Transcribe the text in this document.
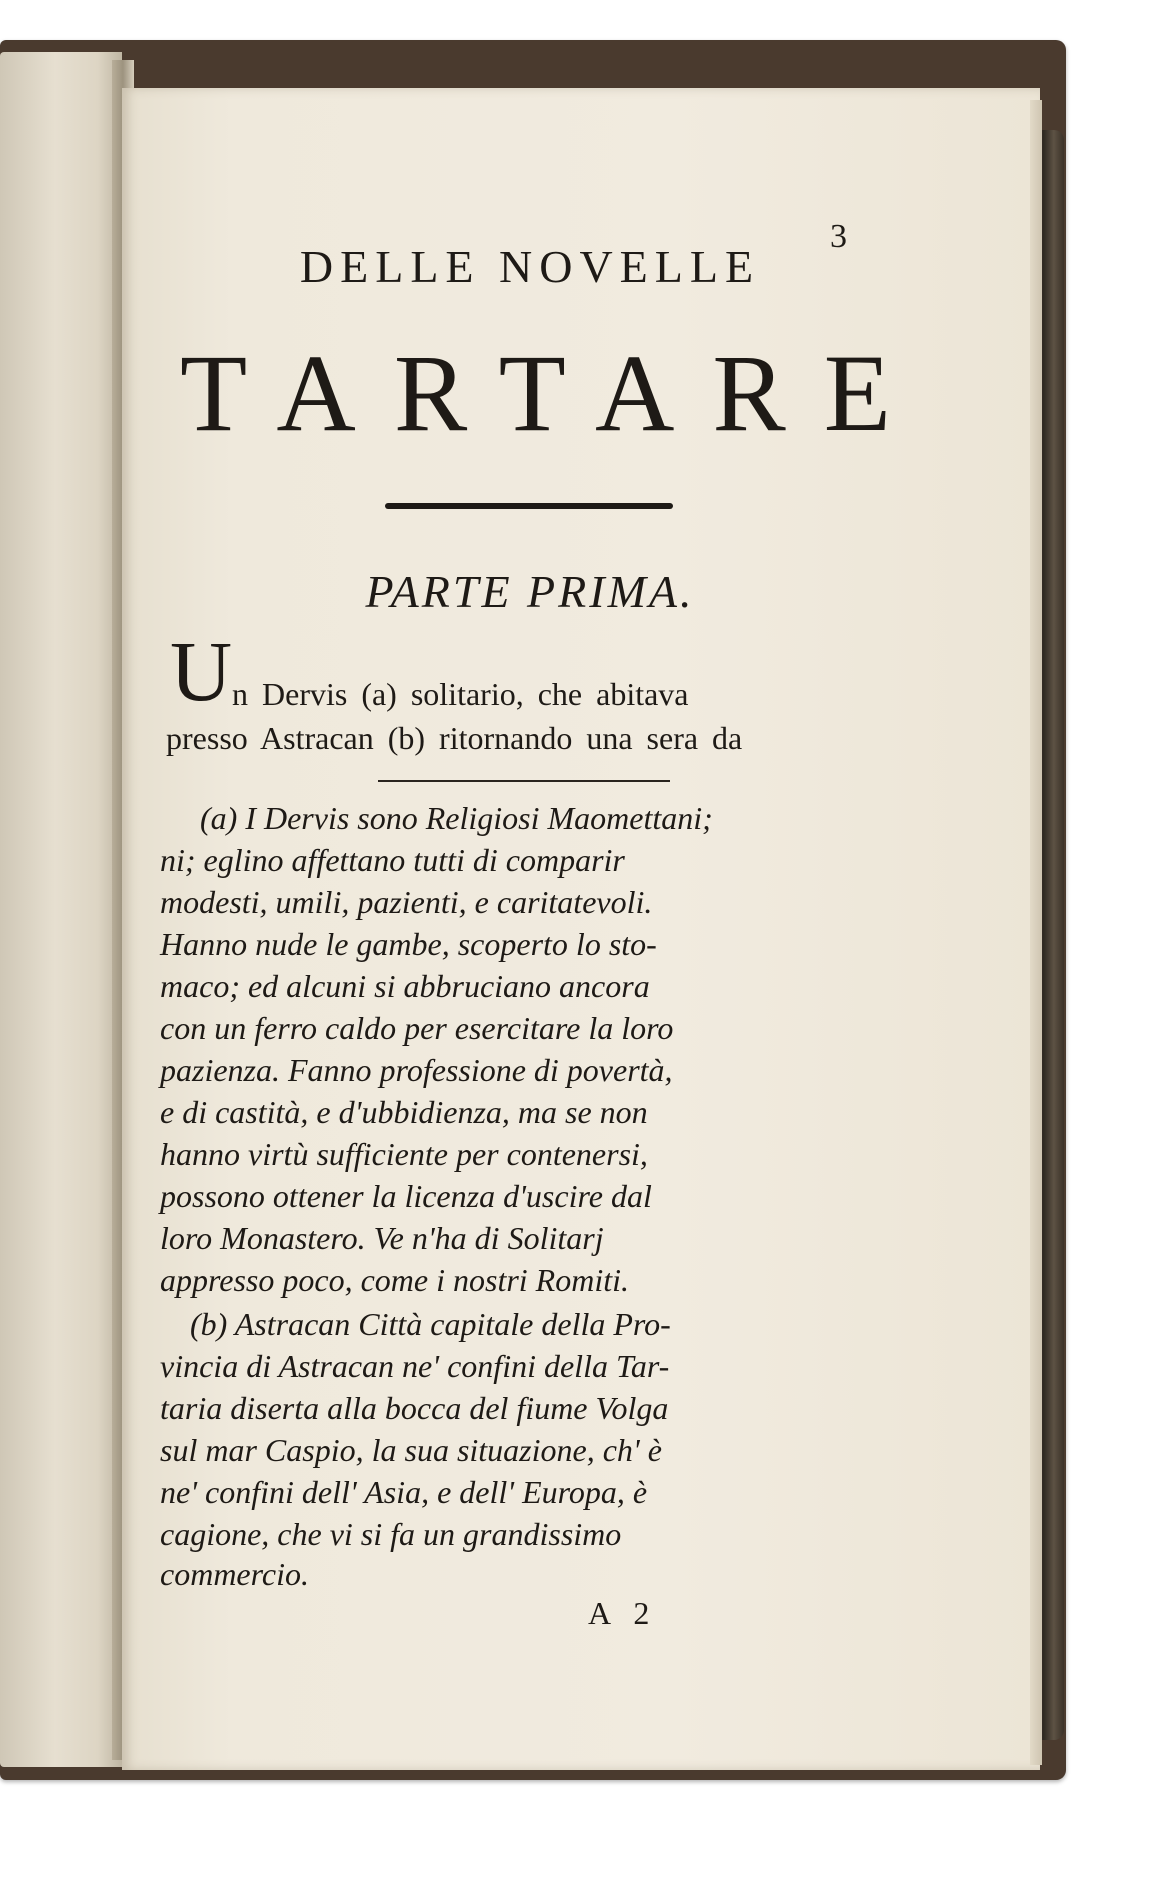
3
DELLE NOVELLE
TARTARE
PARTE PRIMA.
U n Dervis (a) solitario, che abitava
presso Astracan (b) ritornando una sera da
(a) I Dervis sono Religiosi Maomettani;
ni; eglino affettano tutti di comparir
modesti, umili, pazienti, e caritatevoli.
Hanno nude le gambe, scoperto lo sto-
maco; ed alcuni si abbruciano ancora
con un ferro caldo per esercitare la loro
pazienza. Fanno professione di povertà,
e di castità, e d'ubbidienza, ma se non
hanno virtù sufficiente per contenersi,
possono ottener la licenza d'uscire dal
loro Monastero. Ve n'ha di Solitarj
appresso poco, come i nostri Romiti.
(b) Astracan Città capitale della Pro-
vincia di Astracan ne' confini della Tar-
taria diserta alla bocca del fiume Volga
sul mar Caspio, la sua situazione, ch' è
ne' confini dell' Asia, e dell' Europa, è
cagione, che vi si fa un grandissimo
commercio.
A 2
